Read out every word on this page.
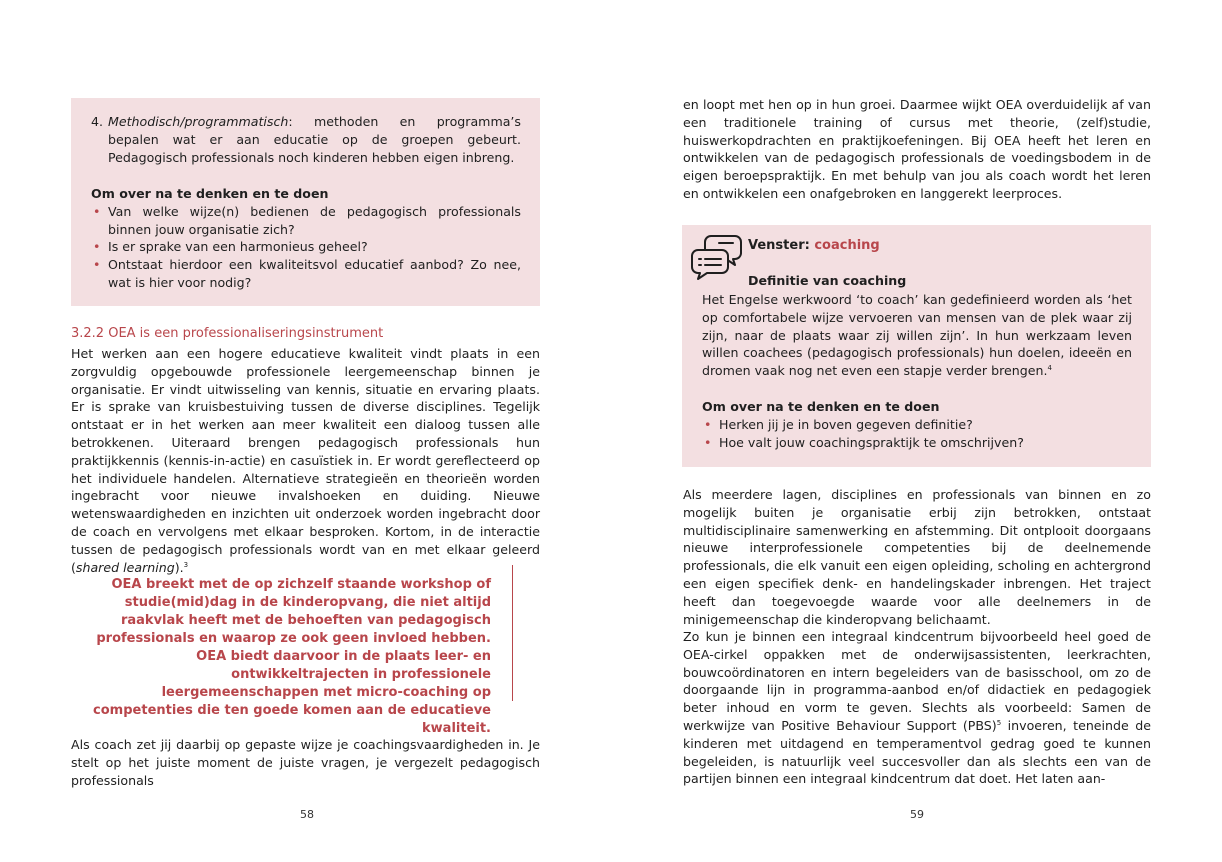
4. Methodisch/programmatisch: methoden en programma’s bepalen wat er aan educatie op de groepen gebeurt. Pedagogisch professionals noch kinderen hebben eigen inbreng.

Om over na te denken en te doen

• Van welke wijze(n) bedienen de pedagogisch professionals binnen jouw organisatie zich?
• Is er sprake van een harmonieus geheel?
• Ontstaat hierdoor een kwaliteitsvol educatief aanbod? Zo nee, wat is hier voor nodig?
3.2.2 OEA is een professionaliseringsinstrument

Het werken aan een hogere educatieve kwaliteit vindt plaats in een zorgvuldig opgebouwde professionele leergemeenschap binnen je organisatie. Er vindt uitwisseling van kennis, situatie en ervaring plaats. Er is sprake van kruisbestuiving tussen de diverse disciplines. Tegelijk ontstaat er in het werken aan meer kwaliteit een dialoog tussen alle betrokkenen. Uiteraard brengen pedagogisch professionals hun praktijkkennis (kennis-in-actie) en casuïstiek in. Er wordt gereflecteerd op het individuele handelen. Alternatieve strategieën en theorieën worden ingebracht voor nieuwe invalshoeken en duiding. Nieuwe wetenswaardigheden en inzichten uit onderzoek worden ingebracht door de coach en vervolgens met elkaar besproken. Kortom, in de interactie tussen de pedagogisch professionals wordt van en met elkaar geleerd (shared learning).$^3$

OEA breekt met de op zichzelf staande workshop of studie(mid)dag in de kinderopvang, die niet altijd raakvlak heeft met de behoeften van pedagogisch professionals en waarop ze ook geen invloed hebben. OEA biedt daarvoor in de plaats leer- en ontwikkeltrajecten in professionele leergemeenschappen met micro-coaching op competenties die ten goede komen aan de educatieve kwaliteit.

Als coach zet jij daarbij op gepaste wijze je coachingsvaardigheden in. Je stelt op het juiste moment de juiste vragen, je vergezelt pedagogisch professionals

58

en loopt met hen op in hun groei. Daarmee wijkt OEA overduidelijk af van een traditionele training of cursus met theorie, (zelf)studie, huiswerkopdrachten en praktijkoefeningen. Bij OEA heeft het leren en ontwikkelen van de pedagogisch professionals de voedingsbodem in de eigen beroepspraktijk. En met behulp van jou als coach wordt het leren en ontwikkelen een onafgebroken en langgerekt leerproces.

Venster: coaching
Definitie van coaching

Het Engelse werkwoord ‘to coach’ kan gedefinieerd worden als ‘het op comfortabele wijze vervoeren van mensen van de plek waar zij zijn, naar de plaats waar zij willen zijn’. In hun werkzaam leven willen coachees (pedagogisch professionals) hun doelen, ideeën en dromen vaak nog net even een stapje verder brengen.$^4$

Om over na te denken en te doen

• Herken jij je in boven gegeven definitie?
• Hoe valt jouw coachingspraktijk te omschrijven?

Als meerdere lagen, disciplines en professionals van binnen en zo mogelijk buiten je organisatie erbij zijn betrokken, ontstaat multidisciplinaire samenwerking en afstemming. Dit ontplooit doorgaans nieuwe interprofessionele competenties bij de deelnemende professionals, die elk vanuit een eigen opleiding, scholing en achtergrond een eigen specifiek denk- en handelingskader inbrengen. Het traject heeft dan toegevoegde waarde voor alle deelnemers in de minigemeenschap die kinderopvang belichaamt.

Zo kun je binnen een integraal kindcentrum bijvoorbeeld heel goed de OEA-cirkel oppakken met de onderwijsassistenten, leerkrachten, bouwcoördinatoren en intern begeleiders van de basisschool, om zo de doorgaande lijn in programma-aanbod en/of didactiek en pedagogiek beter inhoud en vorm te geven. Slechts als voorbeeld: Samen de werkwijze van Positive Behaviour Support (PBS)$^5$ invoeren, teneinde de kinderen met uitdagend en temperamentvol gedrag goed te kunnen begeleiden, is natuurlijk veel succesvoller dan als slechts een van de partijen binnen een integraal kindcentrum dat doet. Het laten aan-

59
